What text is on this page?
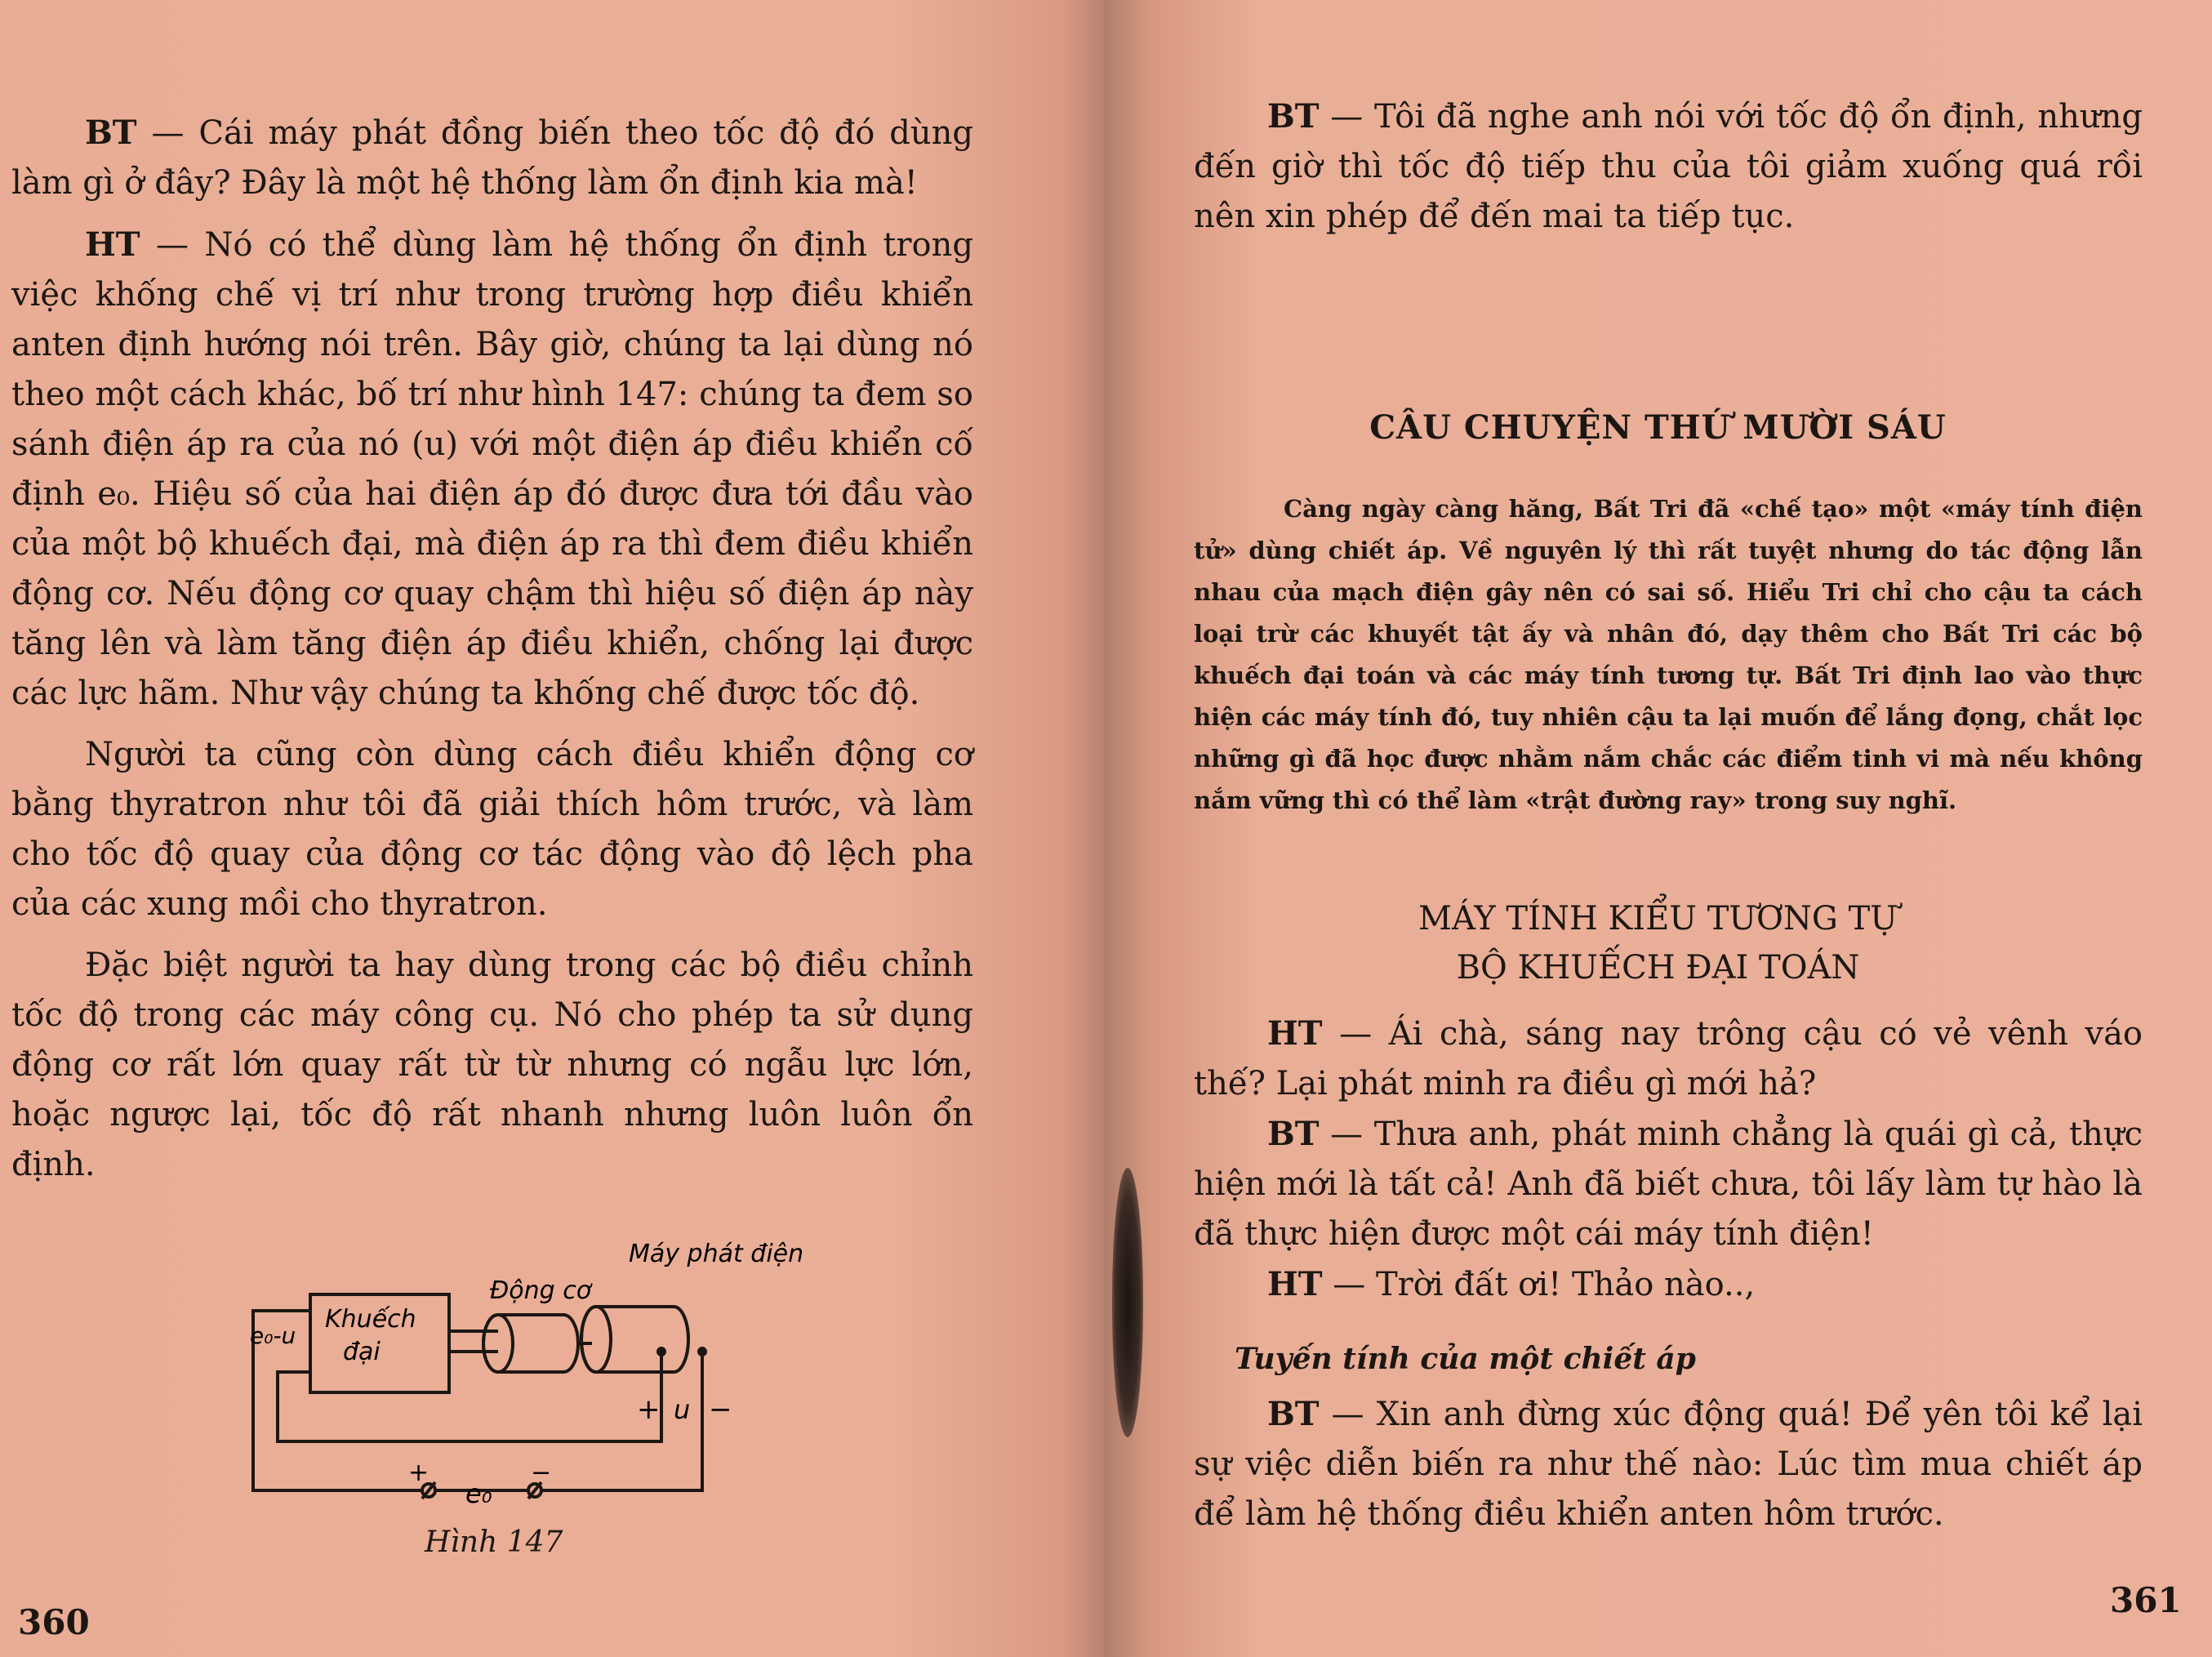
BT — Cái máy phát đồng biến theo tốc độ đó dùng làm gì ở đây? Đây là một hệ thống làm ổn định kia mà!

HT — Nó có thể dùng làm hệ thống ổn định trong việc khống chế vị trí như trong trường hợp điều khiển anten định hướng nói trên. Bây giờ, chúng ta lại dùng nó theo một cách khác, bố trí như hình 147: chúng ta đem so sánh điện áp ra của nó (u) với một điện áp điều khiển cố định e₀. Hiệu số của hai điện áp đó được đưa tới đầu vào của một bộ khuếch đại, mà điện áp ra thì đem điều khiển động cơ. Nếu động cơ quay chậm thì hiệu số điện áp này tăng lên và làm tăng điện áp điều khiển, chống lại được các lực hãm. Như vậy chúng ta khống chế được tốc độ.

Người ta cũng còn dùng cách điều khiển động cơ bằng thyratron như tôi đã giải thích hôm trước, và làm cho tốc độ quay của động cơ tác động vào độ lệch pha của các xung mồi cho thyratron.

Đặc biệt người ta hay dùng trong các bộ điều chỉnh tốc độ trong các máy công cụ. Nó cho phép ta sử dụng động cơ rất lớn quay rất từ từ nhưng có ngẫu lực lớn, hoặc ngược lại, tốc độ rất nhanh nhưng luôn luôn ổn định.

Khuếch
đại
e₀-u
Động cơ
Máy phát điện
+ u −
+
e₀
−
Hình 147
360

BT — Tôi đã nghe anh nói với tốc độ ổn định, nhưng đến giờ thì tốc độ tiếp thu của tôi giảm xuống quá rồi nên xin phép để đến mai ta tiếp tục.

CÂU CHUYỆN THỨ MƯỜI SÁU
Càng ngày càng hăng, Bất Tri đã «chế tạo» một «máy tính điện tử» dùng chiết áp. Về nguyên lý thì rất tuyệt nhưng do tác động lẫn nhau của mạch điện gây nên có sai số. Hiểu Tri chỉ cho cậu ta cách loại trừ các khuyết tật ấy và nhân đó, dạy thêm cho Bất Tri các bộ khuếch đại toán và các máy tính tương tự. Bất Tri định lao vào thực hiện các máy tính đó, tuy nhiên cậu ta lại muốn để lắng đọng, chắt lọc những gì đã học được nhằm nắm chắc các điểm tinh vi mà nếu không nắm vững thì có thể làm «trật đường ray» trong suy nghĩ.
MÁY TÍNH KIỂU TƯƠNG TỰ
BỘ KHUẾCH ĐẠI TOÁN

HT — Ái chà, sáng nay trông cậu có vẻ vênh váo thế? Lại phát minh ra điều gì mới hả?

BT — Thưa anh, phát minh chẳng là quái gì cả, thực hiện mới là tất cả! Anh đã biết chưa, tôi lấy làm tự hào là đã thực hiện được một cái máy tính điện!

HT — Trời đất ơi! Thảo nào..,

Tuyến tính của một chiết áp

BT — Xin anh đừng xúc động quá! Để yên tôi kể lại sự việc diễn biến ra như thế nào: Lúc tìm mua chiết áp để làm hệ thống điều khiển anten hôm trước.

361
